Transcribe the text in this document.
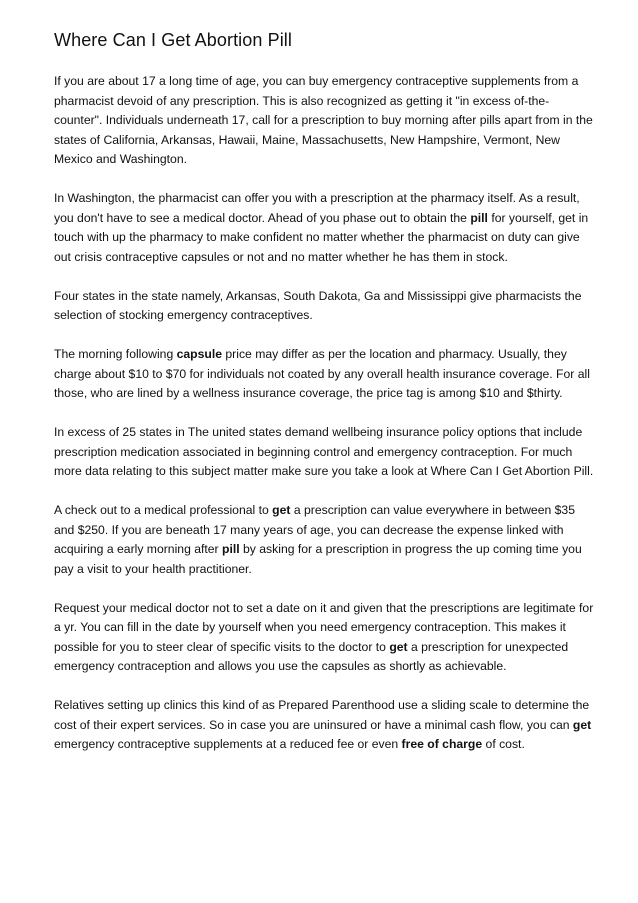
Where Can I Get Abortion Pill

If you are about 17 a long time of age, you can buy emergency contraceptive supplements from a pharmacist devoid of any prescription. This is also recognized as getting it "in excess of-the-counter". Individuals underneath 17, call for a prescription to buy morning after pills apart from in the states of California, Arkansas, Hawaii, Maine, Massachusetts, New Hampshire, Vermont, New Mexico and Washington.

In Washington, the pharmacist can offer you with a prescription at the pharmacy itself. As a result, you don't have to see a medical doctor. Ahead of you phase out to obtain the pill for yourself, get in touch with up the pharmacy to make confident no matter whether the pharmacist on duty can give out crisis contraceptive capsules or not and no matter whether he has them in stock.

Four states in the state namely, Arkansas, South Dakota, Ga and Mississippi give pharmacists the selection of stocking emergency contraceptives.

The morning following capsule price may differ as per the location and pharmacy. Usually, they charge about $10 to $70 for individuals not coated by any overall health insurance coverage. For all those, who are lined by a wellness insurance coverage, the price tag is among $10 and $thirty.

In excess of 25 states in The united states demand wellbeing insurance policy options that include prescription medication associated in beginning control and emergency contraception. For much more data relating to this subject matter make sure you take a look at Where Can I Get Abortion Pill.

A check out to a medical professional to get a prescription can value everywhere in between $35 and $250. If you are beneath 17 many years of age, you can decrease the expense linked with acquiring a early morning after pill by asking for a prescription in progress the up coming time you pay a visit to your health practitioner.

Request your medical doctor not to set a date on it and given that the prescriptions are legitimate for a yr. You can fill in the date by yourself when you need emergency contraception. This makes it possible for you to steer clear of specific visits to the doctor to get a prescription for unexpected emergency contraception and allows you use the capsules as shortly as achievable.

Relatives setting up clinics this kind of as Prepared Parenthood use a sliding scale to determine the cost of their expert services. So in case you are uninsured or have a minimal cash flow, you can get emergency contraceptive supplements at a reduced fee or even free of charge of cost.
